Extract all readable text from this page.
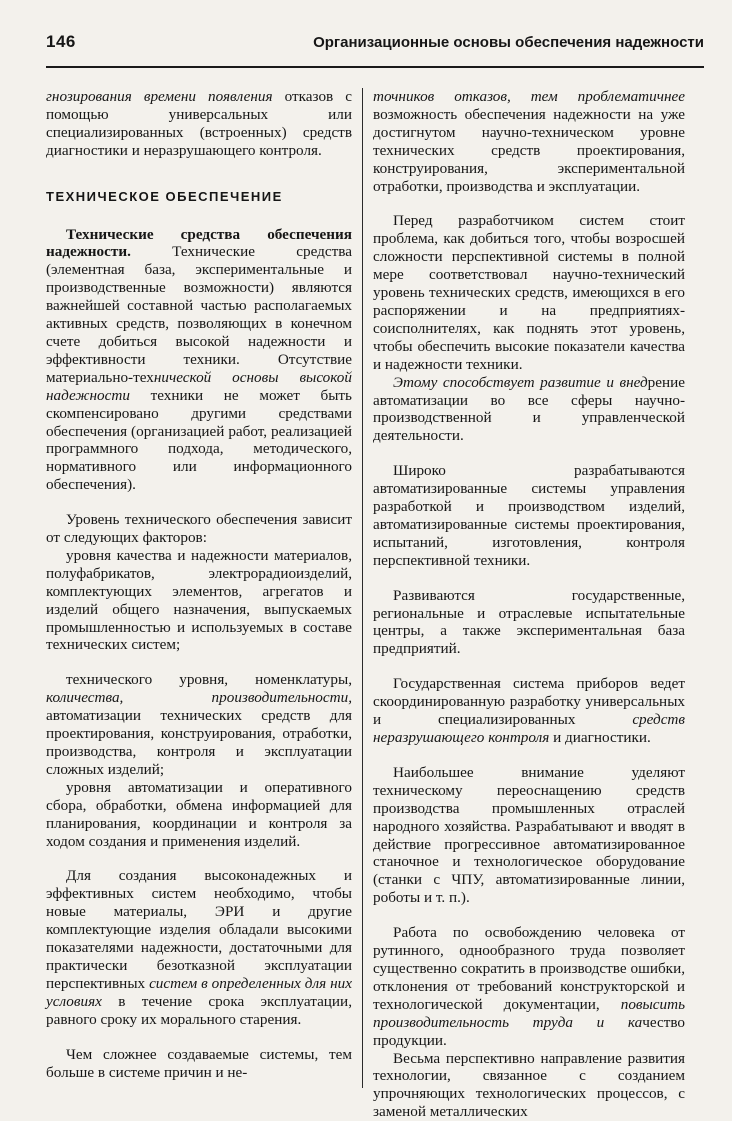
146	Организационные основы обеспечения надежности

гнозирования времени появления отказов с помощью универсальных или специализированных (встроенных) средств диагностики и неразрушающего контроля.

ТЕХНИЧЕСКОЕ ОБЕСПЕЧЕНИЕ

Технические средства обеспечения надежности. Технические средства (элементная база, экспериментальные и производственные возможности) являются важнейшей составной частью располагаемых активных средств, позволяющих в конечном счете добиться высокой надежности и эффективности техники. Отсутствие материально-технической основы высокой надежности техники не может быть скомпенсировано другими средствами обеспечения (организацией работ, реализацией программного подхода, методического, нормативного или информационного обеспечения).

Уровень технического обеспечения зависит от следующих факторов:

уровня качества и надежности материалов, полуфабрикатов, электрорадиоизделий, комплектующих элементов, агрегатов и изделий общего назначения, выпускаемых промышленностью и используемых в составе технических систем;

технического уровня, номенклатуры, количества, производительности, автоматизации технических средств для проектирования, конструирования, отработки, производства, контроля и эксплуатации сложных изделий;

уровня автоматизации и оперативного сбора, обработки, обмена информацией для планирования, координации и контроля за ходом создания и применения изделий.

Для создания высоконадежных и эффективных систем необходимо, чтобы новые материалы, ЭРИ и другие комплектующие изделия обладали высокими показателями надежности, достаточными для практически безотказной эксплуатации перспективных систем в определенных для них условиях в течение срока эксплуатации, равного сроку их морального старения.

Чем сложнее создаваемые системы, тем больше в системе причин и не-

точников отказов, тем проблематичнее возможность обеспечения надежности на уже достигнутом научно-техническом уровне технических средств проектирования, конструирования, экспериментальной отработки, производства и эксплуатации.

Перед разработчиком систем стоит проблема, как добиться того, чтобы возросшей сложности перспективной системы в полной мере соответствовал научно-технический уровень технических средств, имеющихся в его распоряжении и на предприятиях-соисполнителях, как поднять этот уровень, чтобы обеспечить высокие показатели качества и надежности техники.

Этому способствует развитие и внедрение автоматизации во все сферы научно-производственной и управленческой деятельности.

Широко разрабатываются автоматизированные системы управления разработкой и производством изделий, автоматизированные системы проектирования, испытаний, изготовления, контроля перспективной техники.

Развиваются государственные, региональные и отраслевые испытательные центры, а также экспериментальная база предприятий.

Государственная система приборов ведет скоординированную разработку универсальных и специализированных средств неразрушающего контроля и диагностики.

Наибольшее внимание уделяют техническому переоснащению средств производства промышленных отраслей народного хозяйства. Разрабатывают и вводят в действие прогрессивное автоматизированное станочное и технологическое оборудование (станки с ЧПУ, автоматизированные линии, роботы и т. п.).

Работа по освобождению человека от рутинного, однообразного труда позволяет существенно сократить в производстве ошибки, отклонения от требований конструкторской и технологической документации, повысить производительность труда и качество продукции.

Весьма перспективно направление развития технологии, связанное с созданием упрочняющих технологических процессов, с заменой металлических
